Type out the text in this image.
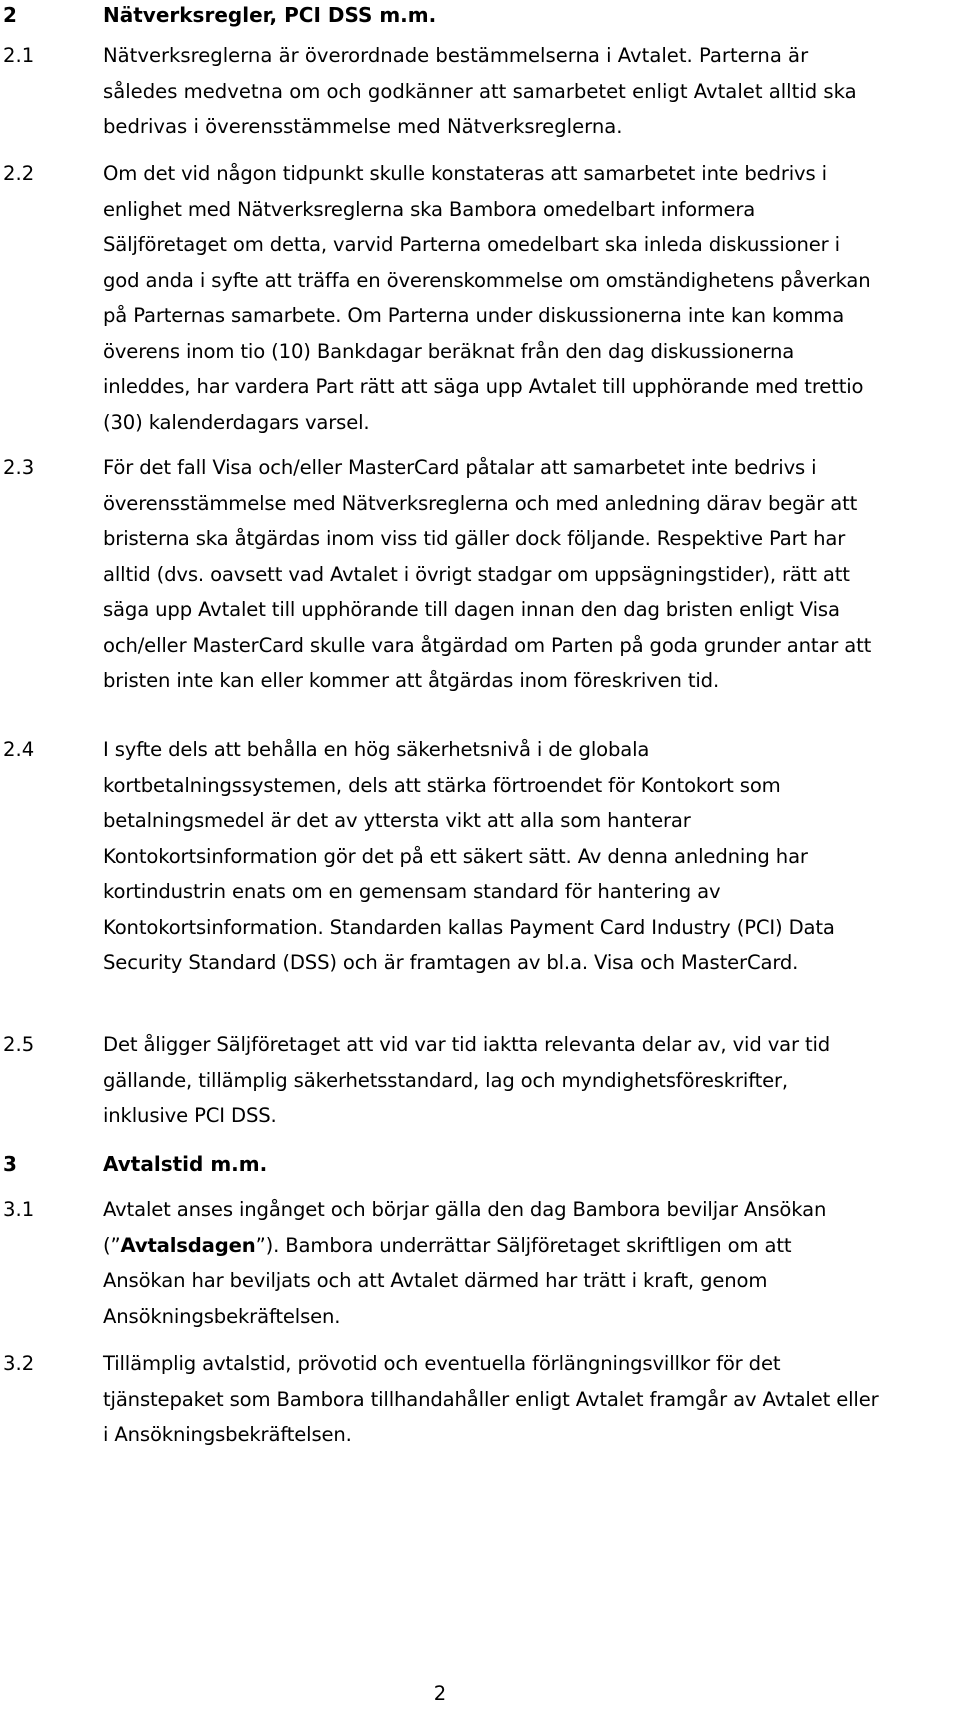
2	Nätverksregler, PCI DSS m.m.
2.1	Nätverksreglerna är överordnade bestämmelserna i Avtalet. Parterna är således medvetna om och godkänner att samarbetet enligt Avtalet alltid ska bedrivas i överensstämmelse med Nätverksreglerna.
2.2	Om det vid någon tidpunkt skulle konstateras att samarbetet inte bedrivs i enlighet med Nätverksreglerna ska Bambora omedelbart informera Säljföretaget om detta, varvid Parterna omedelbart ska inleda diskussioner i god anda i syfte att träffa en överenskommelse om omständighetens påverkan på Parternas samarbete. Om Parterna under diskussionerna inte kan komma överens inom tio (10) Bankdagar beräknat från den dag diskussionerna inleddes, har vardera Part rätt att säga upp Avtalet till upphörande med trettio (30) kalenderdagars varsel.
2.3	För det fall Visa och/eller MasterCard påtalar att samarbetet inte bedrivs i överensstämmelse med Nätverksreglerna och med anledning därav begär att bristerna ska åtgärdas inom viss tid gäller dock följande. Respektive Part har alltid (dvs. oavsett vad Avtalet i övrigt stadgar om uppsägningstider), rätt att säga upp Avtalet till upphörande till dagen innan den dag bristen enligt Visa och/eller MasterCard skulle vara åtgärdad om Parten på goda grunder antar att bristen inte kan eller kommer att åtgärdas inom föreskriven tid.
2.4	I syfte dels att behålla en hög säkerhetsnivå i de globala kortbetalningssystemen, dels att stärka förtroendet för Kontokort som betalningsmedel är det av yttersta vikt att alla som hanterar Kontokortsinformation gör det på ett säkert sätt. Av denna anledning har kortindustrin enats om en gemensam standard för hantering av Kontokortsinformation. Standarden kallas Payment Card Industry (PCI) Data Security Standard (DSS) och är framtagen av bl.a. Visa och MasterCard.
2.5	Det åligger Säljföretaget att vid var tid iaktta relevanta delar av, vid var tid gällande, tillämplig säkerhetsstandard, lag och myndighetsföreskrifter, inklusive PCI DSS.
3	Avtalstid m.m.
3.1	Avtalet anses ingånget och börjar gälla den dag Bambora beviljar Ansökan (”Avtalsdagen”). Bambora underrättar Säljföretaget skriftligen om att Ansökan har beviljats och att Avtalet därmed har trätt i kraft, genom Ansökningsbekräftelsen.
3.2	Tillämplig avtalstid, prövotid och eventuella förlängningsvillkor för det tjänstepaket som Bambora tillhandahåller enligt Avtalet framgår av Avtalet eller i Ansökningsbekräftelsen.
2
